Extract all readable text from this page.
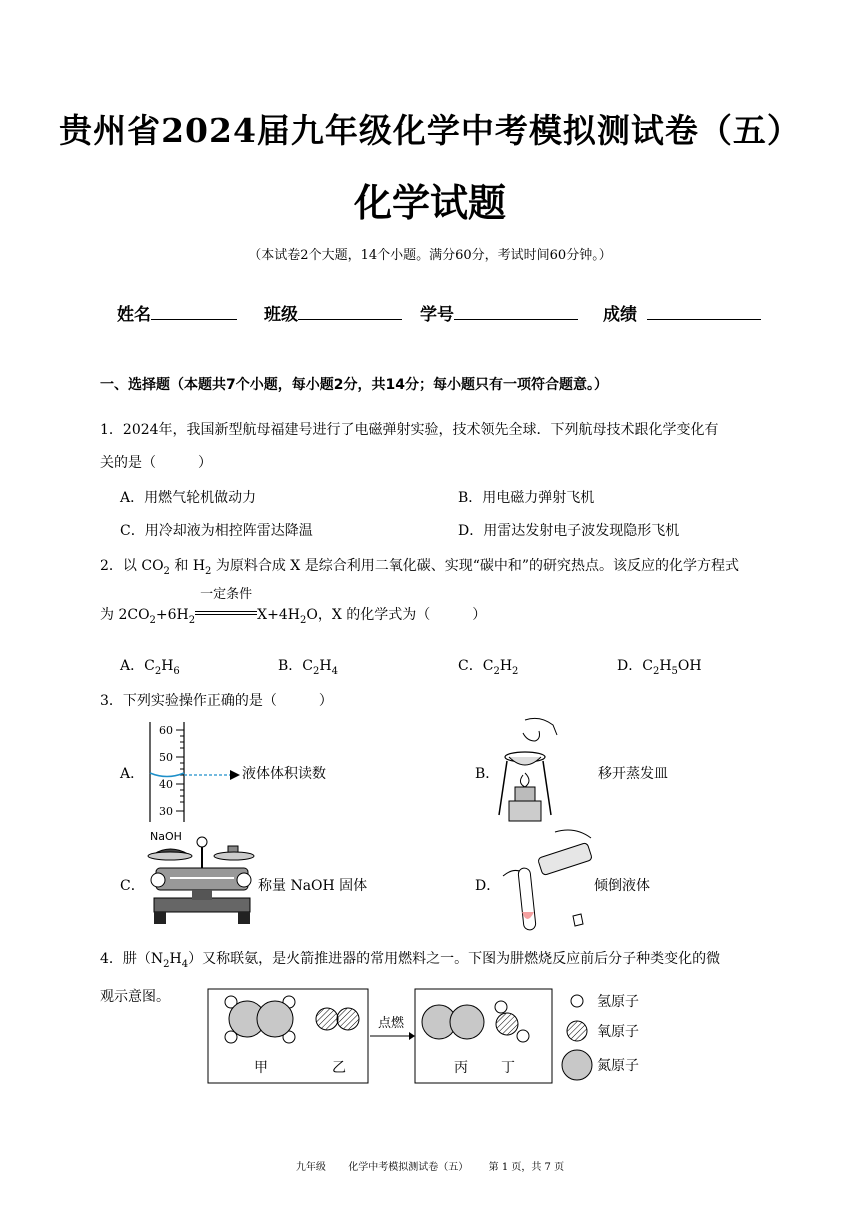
贵州省2024届九年级化学中考模拟测试卷（五）
化学试题
（本试卷2个大题，14个小题。满分60分，考试时间60分钟。）
姓名	班级	学号	成绩
一、选择题（本题共7个小题，每小题2分，共14分；每小题只有一项符合题意。）
1．2024年，我国新型航母福建号进行了电磁弹射实验，技术领先全球．下列航母技术跟化学变化有
关的是（　　　）
A．用燃气轮机做动力	B．用电磁力弹射飞机
C．用冷却液为相控阵雷达降温	D．用雷达发射电子波发现隐形飞机
2．以 $CO_2$ 和 $H_2$ 为原料合成 X 是综合利用二氧化碳、实现“碳中和”的研究热点。该反应的化学方程式
为 $2CO_2+6H_2$
一定条件
$X+4H_2O$，X 的化学式为（　　　）
A．$C_2H_6$	B．$C_2H_4$	C．$C_2H_2$	D．$C_2H_5OH$
3．下列实验操作正确的是（　　　）
A．
60
50
40
30
液体体积读数	B．	移开蒸发皿
C．
NaOH
称量 NaOH 固体	D．	倾倒液体
4．肼$(N_2H_4)$又称联氨，是火箭推进器的常用燃料之一。下图为肼燃烧反应前后分子种类变化的微
观示意图。
甲	乙
点燃
丙 丁
氢原子
氧原子
氮原子
九年级 化学中考模拟测试卷（五） 第 1 页，共 7 页
